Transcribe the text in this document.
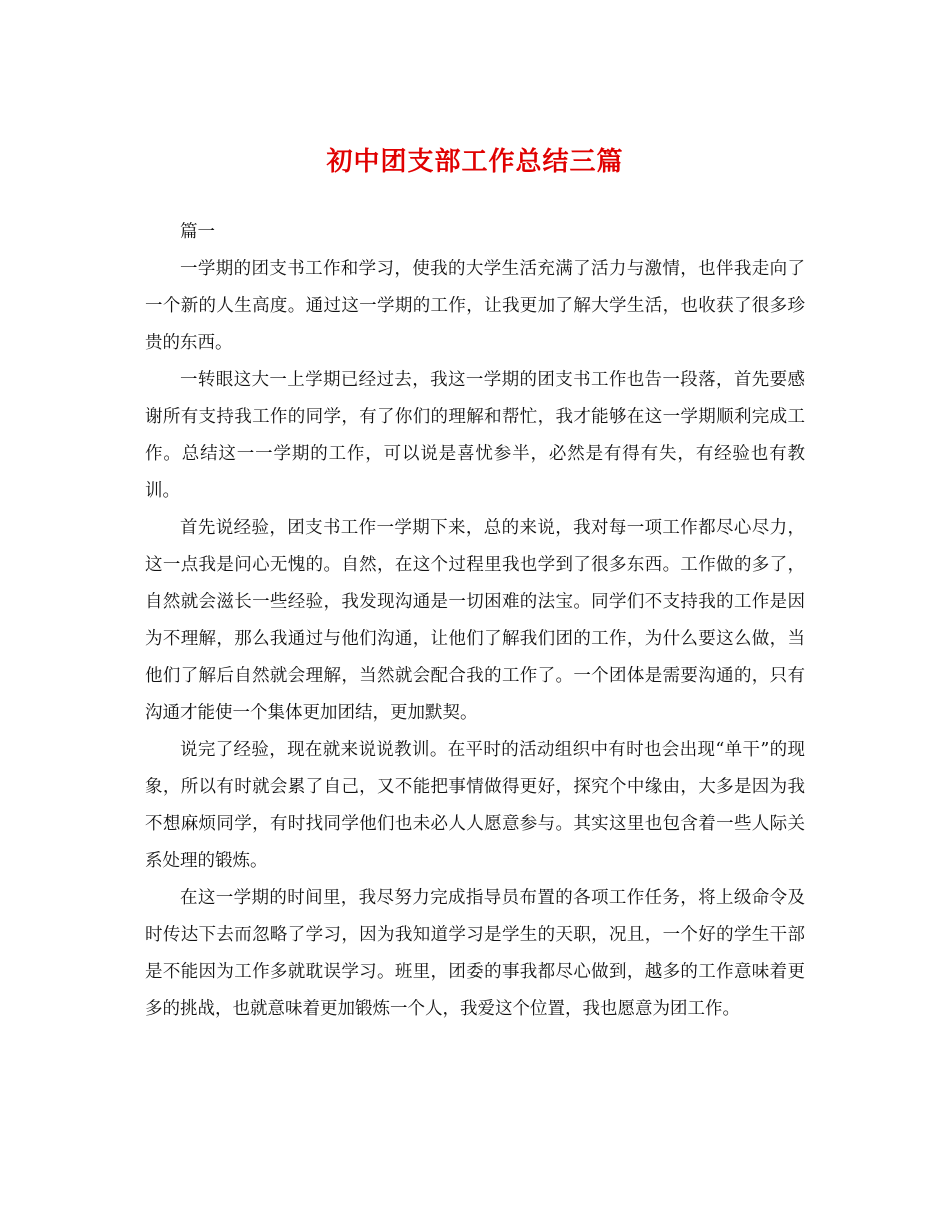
初中团支部工作总结三篇

篇一

一学期的团支书工作和学习，使我的大学生活充满了活力与激情，也伴我走向了一个新的人生高度。通过这一学期的工作，让我更加了解大学生活，也收获了很多珍贵的东西。

一转眼这大一上学期已经过去，我这一学期的团支书工作也告一段落，首先要感谢所有支持我工作的同学，有了你们的理解和帮忙，我才能够在这一学期顺利完成工作。总结这一一学期的工作，可以说是喜忧参半，必然是有得有失，有经验也有教训。

首先说经验，团支书工作一学期下来，总的来说，我对每一项工作都尽心尽力，这一点我是问心无愧的。自然，在这个过程里我也学到了很多东西。工作做的多了，自然就会滋长一些经验，我发现沟通是一切困难的法宝。同学们不支持我的工作是因为不理解，那么我通过与他们沟通，让他们了解我们团的工作，为什么要这么做，当他们了解后自然就会理解，当然就会配合我的工作了。一个团体是需要沟通的，只有沟通才能使一个集体更加团结，更加默契。

说完了经验，现在就来说说教训。在平时的活动组织中有时也会出现“单干”的现象，所以有时就会累了自己，又不能把事情做得更好，探究个中缘由，大多是因为我不想麻烦同学，有时找同学他们也未必人人愿意参与。其实这里也包含着一些人际关系处理的锻炼。

在这一学期的时间里，我尽努力完成指导员布置的各项工作任务，将上级命令及时传达下去而忽略了学习，因为我知道学习是学生的天职，况且，一个好的学生干部是不能因为工作多就耽误学习。班里，团委的事我都尽心做到，越多的工作意味着更多的挑战，也就意味着更加锻炼一个人，我爱这个位置，我也愿意为团工作。
